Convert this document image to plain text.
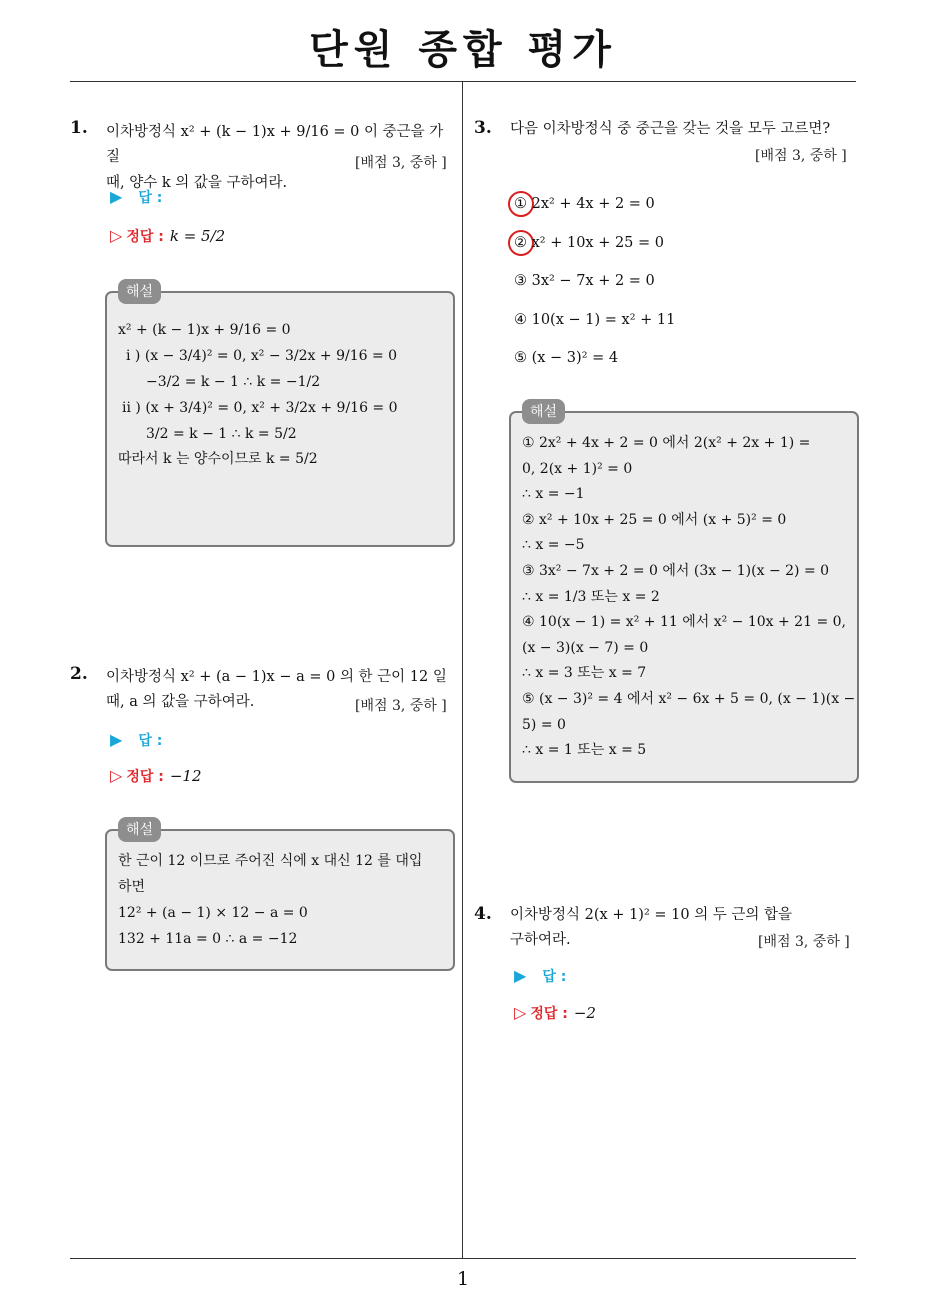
단원 종합 평가
1
1. 이차방정식 x² + (k − 1)x + 9/16 = 0 이 중근을 가질
때, 양수 k 의 값을 구하여라.
[배점 3, 중하 ]
▶ 답 :
▷ 정답 : k = 5/2
해설
x² + (k − 1)x + 9/16 = 0
i ) (x − 3/4)² = 0, x² − 3/2x + 9/16 = 0
−3/2 = k − 1 ∴ k = −1/2
ii ) (x + 3/4)² = 0, x² + 3/2x + 9/16 = 0
3/2 = k − 1 ∴ k = 5/2
따라서 k 는 양수이므로 k = 5/2
2. 이차방정식 x² + (a − 1)x − a = 0 의 한 근이 12 일
때, a 의 값을 구하여라.	[배점 3, 중하 ]
▶ 답 :
▷ 정답 : −12
해설
한 근이 12 이므로 주어진 식에 x 대신 12 를 대입
하면
12² + (a − 1) × 12 − a = 0
132 + 11a = 0 ∴ a = −12
3. 다음 이차방정식 중 중근을 갖는 것을 모두 고르면?
[배점 3, 중하 ]
① 2x² + 4x + 2 = 0
② x² + 10x + 25 = 0
③ 3x² − 7x + 2 = 0
④ 10(x − 1) = x² + 11
⑤ (x − 3)² = 4
해설
① 2x² + 4x + 2 = 0 에서 2(x² + 2x + 1) =
0, 2(x + 1)² = 0
∴ x = −1
② x² + 10x + 25 = 0 에서 (x + 5)² = 0
∴ x = −5
③ 3x² − 7x + 2 = 0 에서 (3x − 1)(x − 2) = 0
∴ x = 1/3 또는 x = 2
④ 10(x − 1) = x² + 11 에서 x² − 10x + 21 = 0,
(x − 3)(x − 7) = 0
∴ x = 3 또는 x = 7
⑤ (x − 3)² = 4 에서 x² − 6x + 5 = 0, (x − 1)(x −
5) = 0
∴ x = 1 또는 x = 5
4. 이차방정식 2(x + 1)² = 10 의 두 근의 합을
구하여라.	[배점 3, 중하 ]
▶ 답 :
▷ 정답 : −2
